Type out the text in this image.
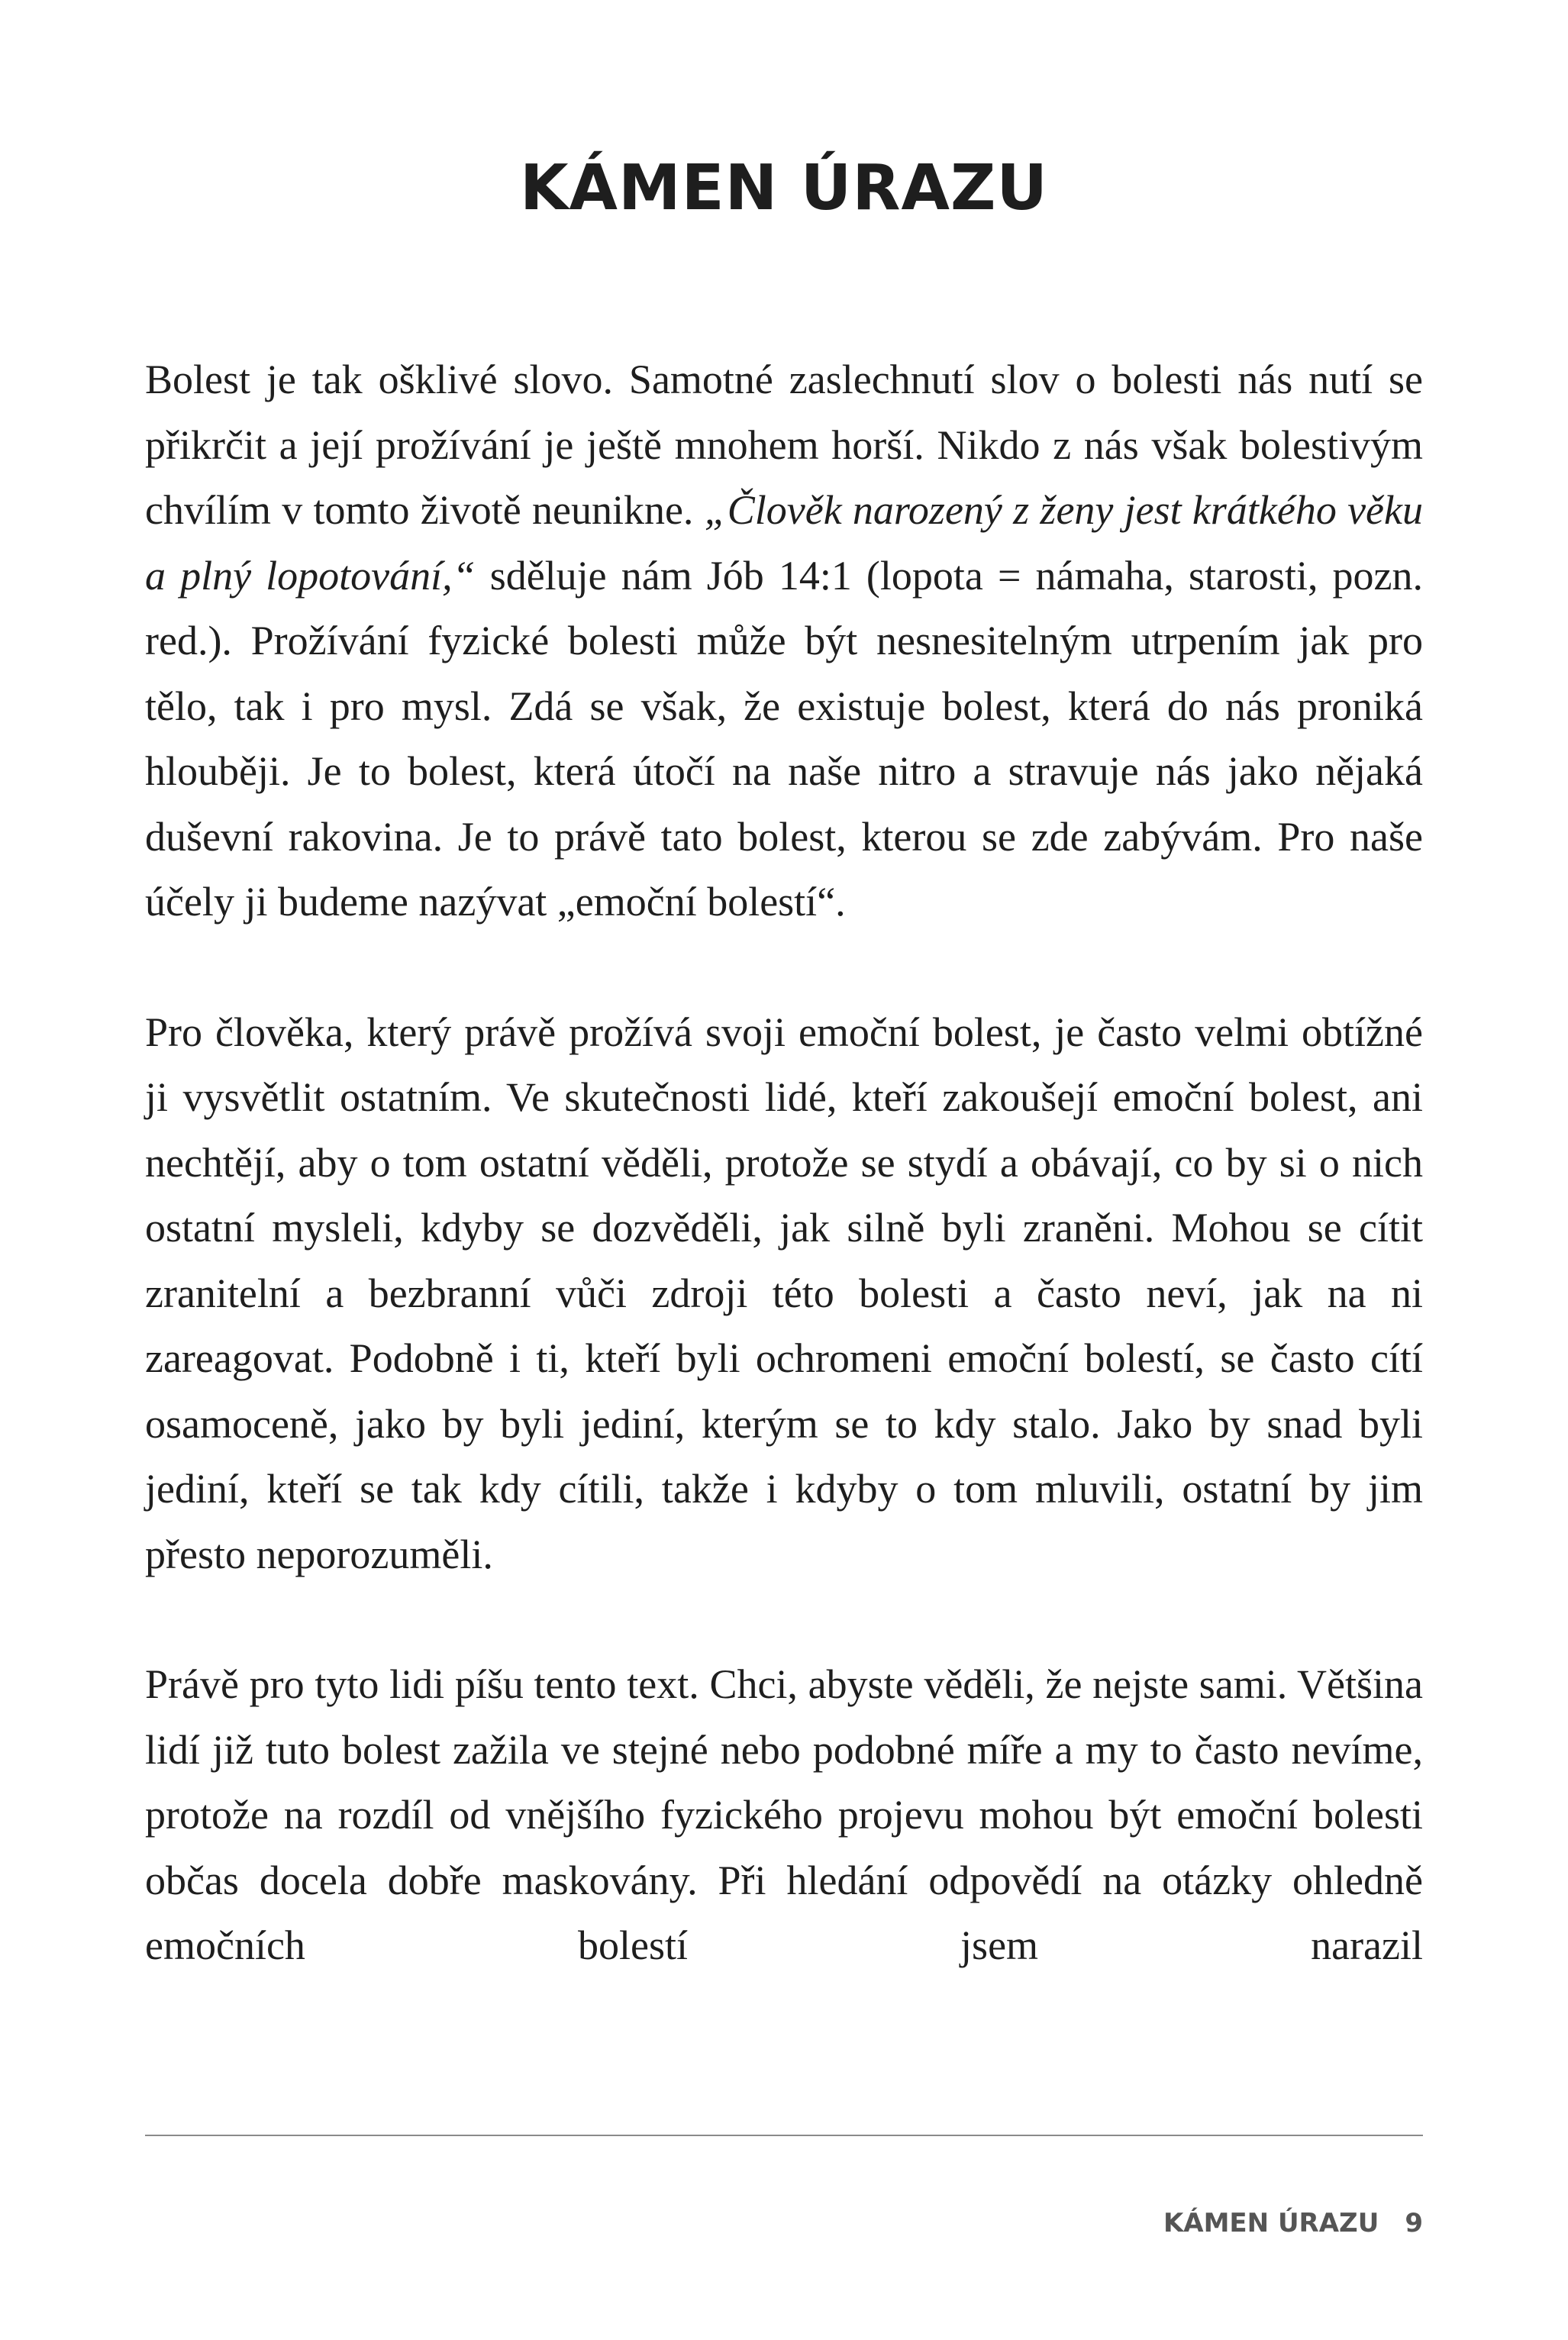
KÁMEN ÚRAZU

Bolest je tak ošklivé slovo. Samotné zaslechnutí slov o bolesti nás nutí se přikrčit a její prožívání je ještě mnohem horší. Nikdo z nás však bolestivým chvílím v tomto životě neunikne. „Člověk narozený z ženy jest krátkého věku a plný lopotování,“ sděluje nám Jób 14:1 (lopota = námaha, starosti, pozn. red.). Prožívání fyzické bolesti může být nesnesitelným utrpením jak pro tělo, tak i pro mysl. Zdá se však, že existuje bolest, která do nás proniká hlouběji. Je to bolest, která útočí na naše nitro a stravuje nás jako nějaká duševní rakovina. Je to právě tato bolest, kterou se zde zabývám. Pro naše účely ji budeme nazývat „emoční bolestí“.

Pro člověka, který právě prožívá svoji emoční bolest, je často velmi obtížné ji vysvětlit ostatním. Ve skutečnosti lidé, kteří zakoušejí emoční bolest, ani nechtějí, aby o tom ostatní věděli, protože se stydí a obávají, co by si o nich ostatní mysleli, kdyby se dozvěděli, jak silně byli zraněni. Mohou se cítit zranitelní a bezbranní vůči zdroji této bolesti a často neví, jak na ni zareagovat. Podobně i ti, kteří byli ochromeni emoční bolestí, se často cítí osamoceně, jako by byli jediní, kterým se to kdy stalo. Jako by snad byli jediní, kteří se tak kdy cítili, takže i kdyby o tom mluvili, ostatní by jim přesto neporozuměli.

Právě pro tyto lidi píšu tento text. Chci, abyste věděli, že nejste sami. Většina lidí již tuto bolest zažila ve stejné nebo podobné míře a my to často nevíme, protože na rozdíl od vnějšího fyzického projevu mohou být emoční bolesti občas docela dobře maskovány. Při hledání odpovědí na otázky ohledně emočních bolestí jsem narazil

KÁMEN ÚRAZU 9
